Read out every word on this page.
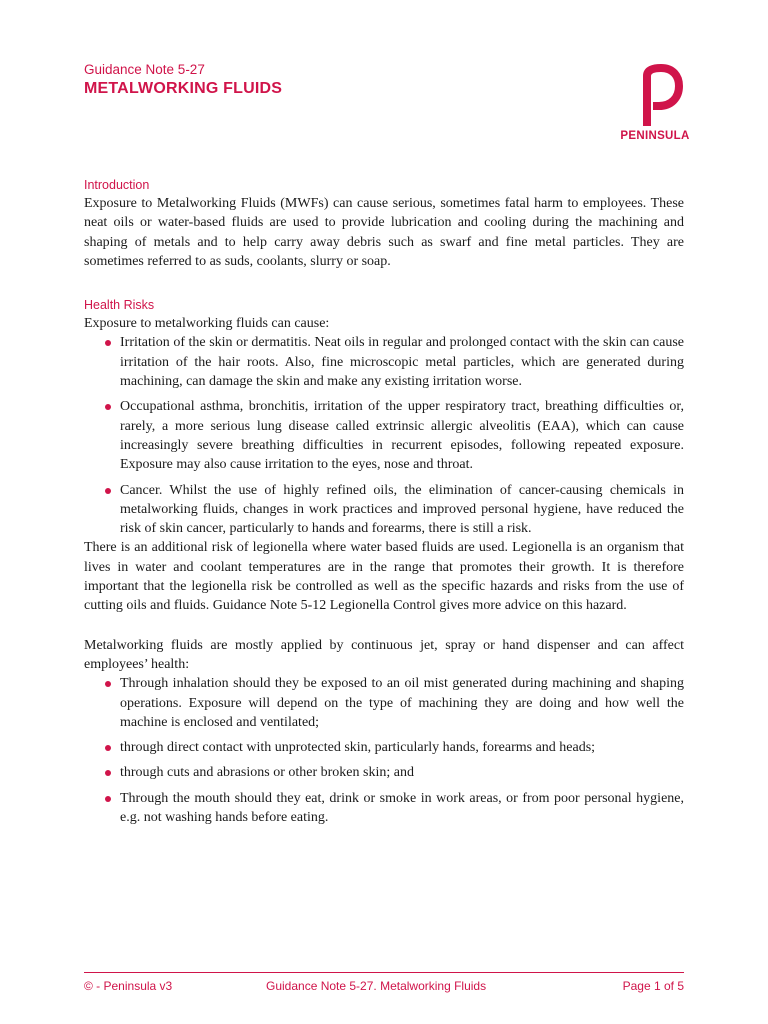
Guidance Note 5-27
METALWORKING FLUIDS
PENINSULA
Introduction

Exposure to Metalworking Fluids (MWFs) can cause serious, sometimes fatal harm to employees. These neat oils or water-based fluids are used to provide lubrication and cooling during the machining and shaping of metals and to help carry away debris such as swarf and fine metal particles. They are sometimes referred to as suds, coolants, slurry or soap.

Health Risks

Exposure to metalworking fluids can cause:

Irritation of the skin or dermatitis. Neat oils in regular and prolonged contact with the skin can cause irritation of the hair roots. Also, fine microscopic metal particles, which are generated during machining, can damage the skin and make any existing irritation worse.
Occupational asthma, bronchitis, irritation of the upper respiratory tract, breathing difficulties or, rarely, a more serious lung disease called extrinsic allergic alveolitis (EAA), which can cause increasingly severe breathing difficulties in recurrent episodes, following repeated exposure. Exposure may also cause irritation to the eyes, nose and throat.
Cancer. Whilst the use of highly refined oils, the elimination of cancer-causing chemicals in metalworking fluids, changes in work practices and improved personal hygiene, have reduced the risk of skin cancer, particularly to hands and forearms, there is still a risk.

There is an additional risk of legionella where water based fluids are used. Legionella is an organism that lives in water and coolant temperatures are in the range that promotes their growth. It is therefore important that the legionella risk be controlled as well as the specific hazards and risks from the use of cutting oils and fluids. Guidance Note 5-12 Legionella Control gives more advice on this hazard.

Metalworking fluids are mostly applied by continuous jet, spray or hand dispenser and can affect employees’ health:

Through inhalation should they be exposed to an oil mist generated during machining and shaping operations. Exposure will depend on the type of machining they are doing and how well the machine is enclosed and ventilated;
through direct contact with unprotected skin, particularly hands, forearms and heads;
through cuts and abrasions or other broken skin; and
Through the mouth should they eat, drink or smoke in work areas, or from poor personal hygiene, e.g. not washing hands before eating.
© - Peninsula v3	Guidance Note 5-27. Metalworking Fluids	Page 1 of 5
